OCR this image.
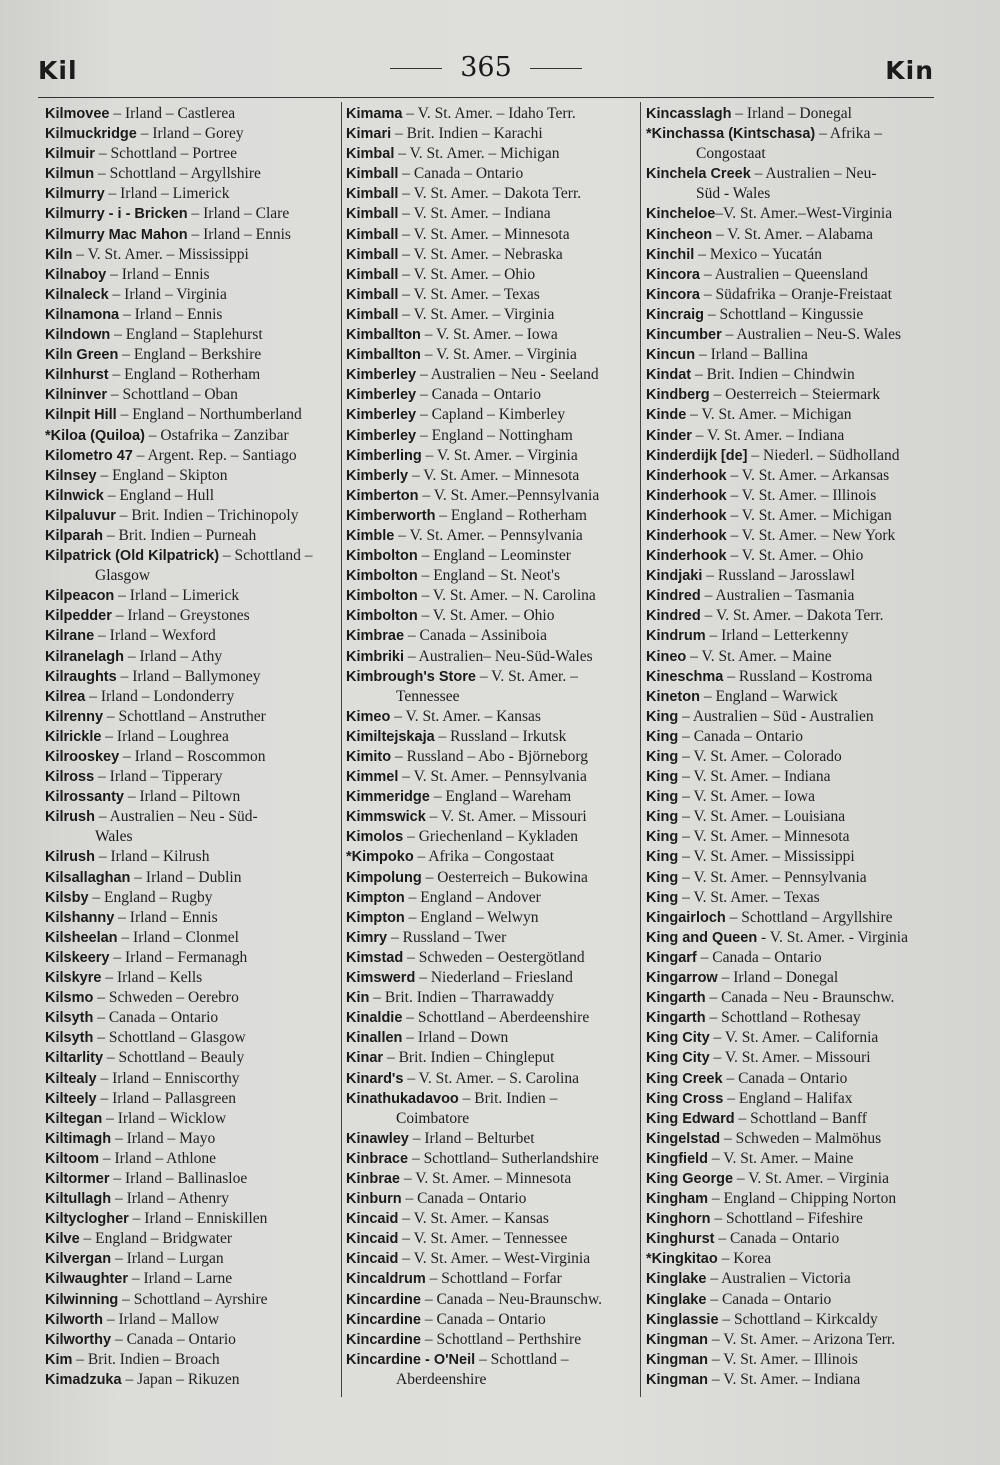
Kil	365	Kin
Kilmovee – Irland – Castlerea
Kilmuckridge – Irland – Gorey
Kilmuir – Schottland – Portree
Kilmun – Schottland – Argyllshire
Kilmurry – Irland – Limerick
Kilmurry - i - Bricken – Irland – Clare
Kilmurry Mac Mahon – Irland – Ennis
Kiln – V. St. Amer. – Mississippi
Kilnaboy – Irland – Ennis
Kilnaleck – Irland – Virginia
Kilnamona – Irland – Ennis
Kilndown – England – Staplehurst
Kiln Green – England – Berkshire
Kilnhurst – England – Rotherham
Kilninver – Schottland – Oban
Kilnpit Hill – England – Northumberland
*Kiloa (Quiloa) – Ostafrika – Zanzibar
Kilometro 47 – Argent. Rep. – Santiago
Kilnsey – England – Skipton
Kilnwick – England – Hull
Kilpaluvur – Brit. Indien – Trichinopoly
Kilparah – Brit. Indien – Purneah
Kilpatrick (Old Kilpatrick) – Schottland –
Glasgow
Kilpeacon – Irland – Limerick
Kilpedder – Irland – Greystones
Kilrane – Irland – Wexford
Kilranelagh – Irland – Athy
Kilraughts – Irland – Ballymoney
Kilrea – Irland – Londonderry
Kilrenny – Schottland – Anstruther
Kilrickle – Irland – Loughrea
Kilrooskey – Irland – Roscommon
Kilross – Irland – Tipperary
Kilrossanty – Irland – Piltown
Kilrush – Australien – Neu - Süd-
Wales
Kilrush – Irland – Kilrush
Kilsallaghan – Irland – Dublin
Kilsby – England – Rugby
Kilshanny – Irland – Ennis
Kilsheelan – Irland – Clonmel
Kilskeery – Irland – Fermanagh
Kilskyre – Irland – Kells
Kilsmo – Schweden – Oerebro
Kilsyth – Canada – Ontario
Kilsyth – Schottland – Glasgow
Kiltarlity – Schottland – Beauly
Kiltealy – Irland – Enniscorthy
Kilteely – Irland – Pallasgreen
Kiltegan – Irland – Wicklow
Kiltimagh – Irland – Mayo
Kiltoom – Irland – Athlone
Kiltormer – Irland – Ballinasloe
Kiltullagh – Irland – Athenry
Kiltyclogher – Irland – Enniskillen
Kilve – England – Bridgwater
Kilvergan – Irland – Lurgan
Kilwaughter – Irland – Larne
Kilwinning – Schottland – Ayrshire
Kilworth – Irland – Mallow
Kilworthy – Canada – Ontario
Kim – Brit. Indien – Broach
Kimadzuka – Japan – Rikuzen
Kimama – V. St. Amer. – Idaho Terr.
Kimari – Brit. Indien – Karachi
Kimbal – V. St. Amer. – Michigan
Kimball – Canada – Ontario
Kimball – V. St. Amer. – Dakota Terr.
Kimball – V. St. Amer. – Indiana
Kimball – V. St. Amer. – Minnesota
Kimball – V. St. Amer. – Nebraska
Kimball – V. St. Amer. – Ohio
Kimball – V. St. Amer. – Texas
Kimball – V. St. Amer. – Virginia
Kimballton – V. St. Amer. – Iowa
Kimballton – V. St. Amer. – Virginia
Kimberley – Australien – Neu - Seeland
Kimberley – Canada – Ontario
Kimberley – Capland – Kimberley
Kimberley – England – Nottingham
Kimberling – V. St. Amer. – Virginia
Kimberly – V. St. Amer. – Minnesota
Kimberton – V. St. Amer.–Pennsylvania
Kimberworth – England – Rotherham
Kimble – V. St. Amer. – Pennsylvania
Kimbolton – England – Leominster
Kimbolton – England – St. Neot's
Kimbolton – V. St. Amer. – N. Carolina
Kimbolton – V. St. Amer. – Ohio
Kimbrae – Canada – Assiniboia
Kimbriki – Australien– Neu-Süd-Wales
Kimbrough's Store – V. St. Amer. –
Tennessee
Kimeo – V. St. Amer. – Kansas
Kimiltejskaja – Russland – Irkutsk
Kimito – Russland – Abo - Björneborg
Kimmel – V. St. Amer. – Pennsylvania
Kimmeridge – England – Wareham
Kimmswick – V. St. Amer. – Missouri
Kimolos – Griechenland – Kykladen
*Kimpoko – Afrika – Congostaat
Kimpolung – Oesterreich – Bukowina
Kimpton – England – Andover
Kimpton – England – Welwyn
Kimry – Russland – Twer
Kimstad – Schweden – Oestergötland
Kimswerd – Niederland – Friesland
Kin – Brit. Indien – Tharrawaddy
Kinaldie – Schottland – Aberdeenshire
Kinallen – Irland – Down
Kinar – Brit. Indien – Chingleput
Kinard's – V. St. Amer. – S. Carolina
Kinathukadavoo – Brit. Indien –
Coimbatore
Kinawley – Irland – Belturbet
Kinbrace – Schottland– Sutherlandshire
Kinbrae – V. St. Amer. – Minnesota
Kinburn – Canada – Ontario
Kincaid – V. St. Amer. – Kansas
Kincaid – V. St. Amer. – Tennessee
Kincaid – V. St. Amer. – West-Virginia
Kincaldrum – Schottland – Forfar
Kincardine – Canada – Neu-Braunschw.
Kincardine – Canada – Ontario
Kincardine – Schottland – Perthshire
Kincardine - O'Neil – Schottland –
Aberdeenshire
Kincasslagh – Irland – Donegal
*Kinchassa (Kintschasa) – Afrika –
Congostaat
Kinchela Creek – Australien – Neu-
Süd - Wales
Kincheloe–V. St. Amer.–West-Virginia
Kincheon – V. St. Amer. – Alabama
Kinchil – Mexico – Yucatán
Kincora – Australien – Queensland
Kincora – Südafrika – Oranje-Freistaat
Kincraig – Schottland – Kingussie
Kincumber – Australien – Neu-S. Wales
Kincun – Irland – Ballina
Kindat – Brit. Indien – Chindwin
Kindberg – Oesterreich – Steiermark
Kinde – V. St. Amer. – Michigan
Kinder – V. St. Amer. – Indiana
Kinderdijk [de] – Niederl. – Südholland
Kinderhook – V. St. Amer. – Arkansas
Kinderhook – V. St. Amer. – Illinois
Kinderhook – V. St. Amer. – Michigan
Kinderhook – V. St. Amer. – New York
Kinderhook – V. St. Amer. – Ohio
Kindjaki – Russland – Jarosslawl
Kindred – Australien – Tasmania
Kindred – V. St. Amer. – Dakota Terr.
Kindrum – Irland – Letterkenny
Kineo – V. St. Amer. – Maine
Kineschma – Russland – Kostroma
Kineton – England – Warwick
King – Australien – Süd - Australien
King – Canada – Ontario
King – V. St. Amer. – Colorado
King – V. St. Amer. – Indiana
King – V. St. Amer. – Iowa
King – V. St. Amer. – Louisiana
King – V. St. Amer. – Minnesota
King – V. St. Amer. – Mississippi
King – V. St. Amer. – Pennsylvania
King – V. St. Amer. – Texas
Kingairloch – Schottland – Argyllshire
King and Queen - V. St. Amer. - Virginia
Kingarf – Canada – Ontario
Kingarrow – Irland – Donegal
Kingarth – Canada – Neu - Braunschw.
Kingarth – Schottland – Rothesay
King City – V. St. Amer. – California
King City – V. St. Amer. – Missouri
King Creek – Canada – Ontario
King Cross – England – Halifax
King Edward – Schottland – Banff
Kingelstad – Schweden – Malmöhus
Kingfield – V. St. Amer. – Maine
King George – V. St. Amer. – Virginia
Kingham – England – Chipping Norton
Kinghorn – Schottland – Fifeshire
Kinghurst – Canada – Ontario
*Kingkitao – Korea
Kinglake – Australien – Victoria
Kinglake – Canada – Ontario
Kinglassie – Schottland – Kirkcaldy
Kingman – V. St. Amer. – Arizona Terr.
Kingman – V. St. Amer. – Illinois
Kingman – V. St. Amer. – Indiana
